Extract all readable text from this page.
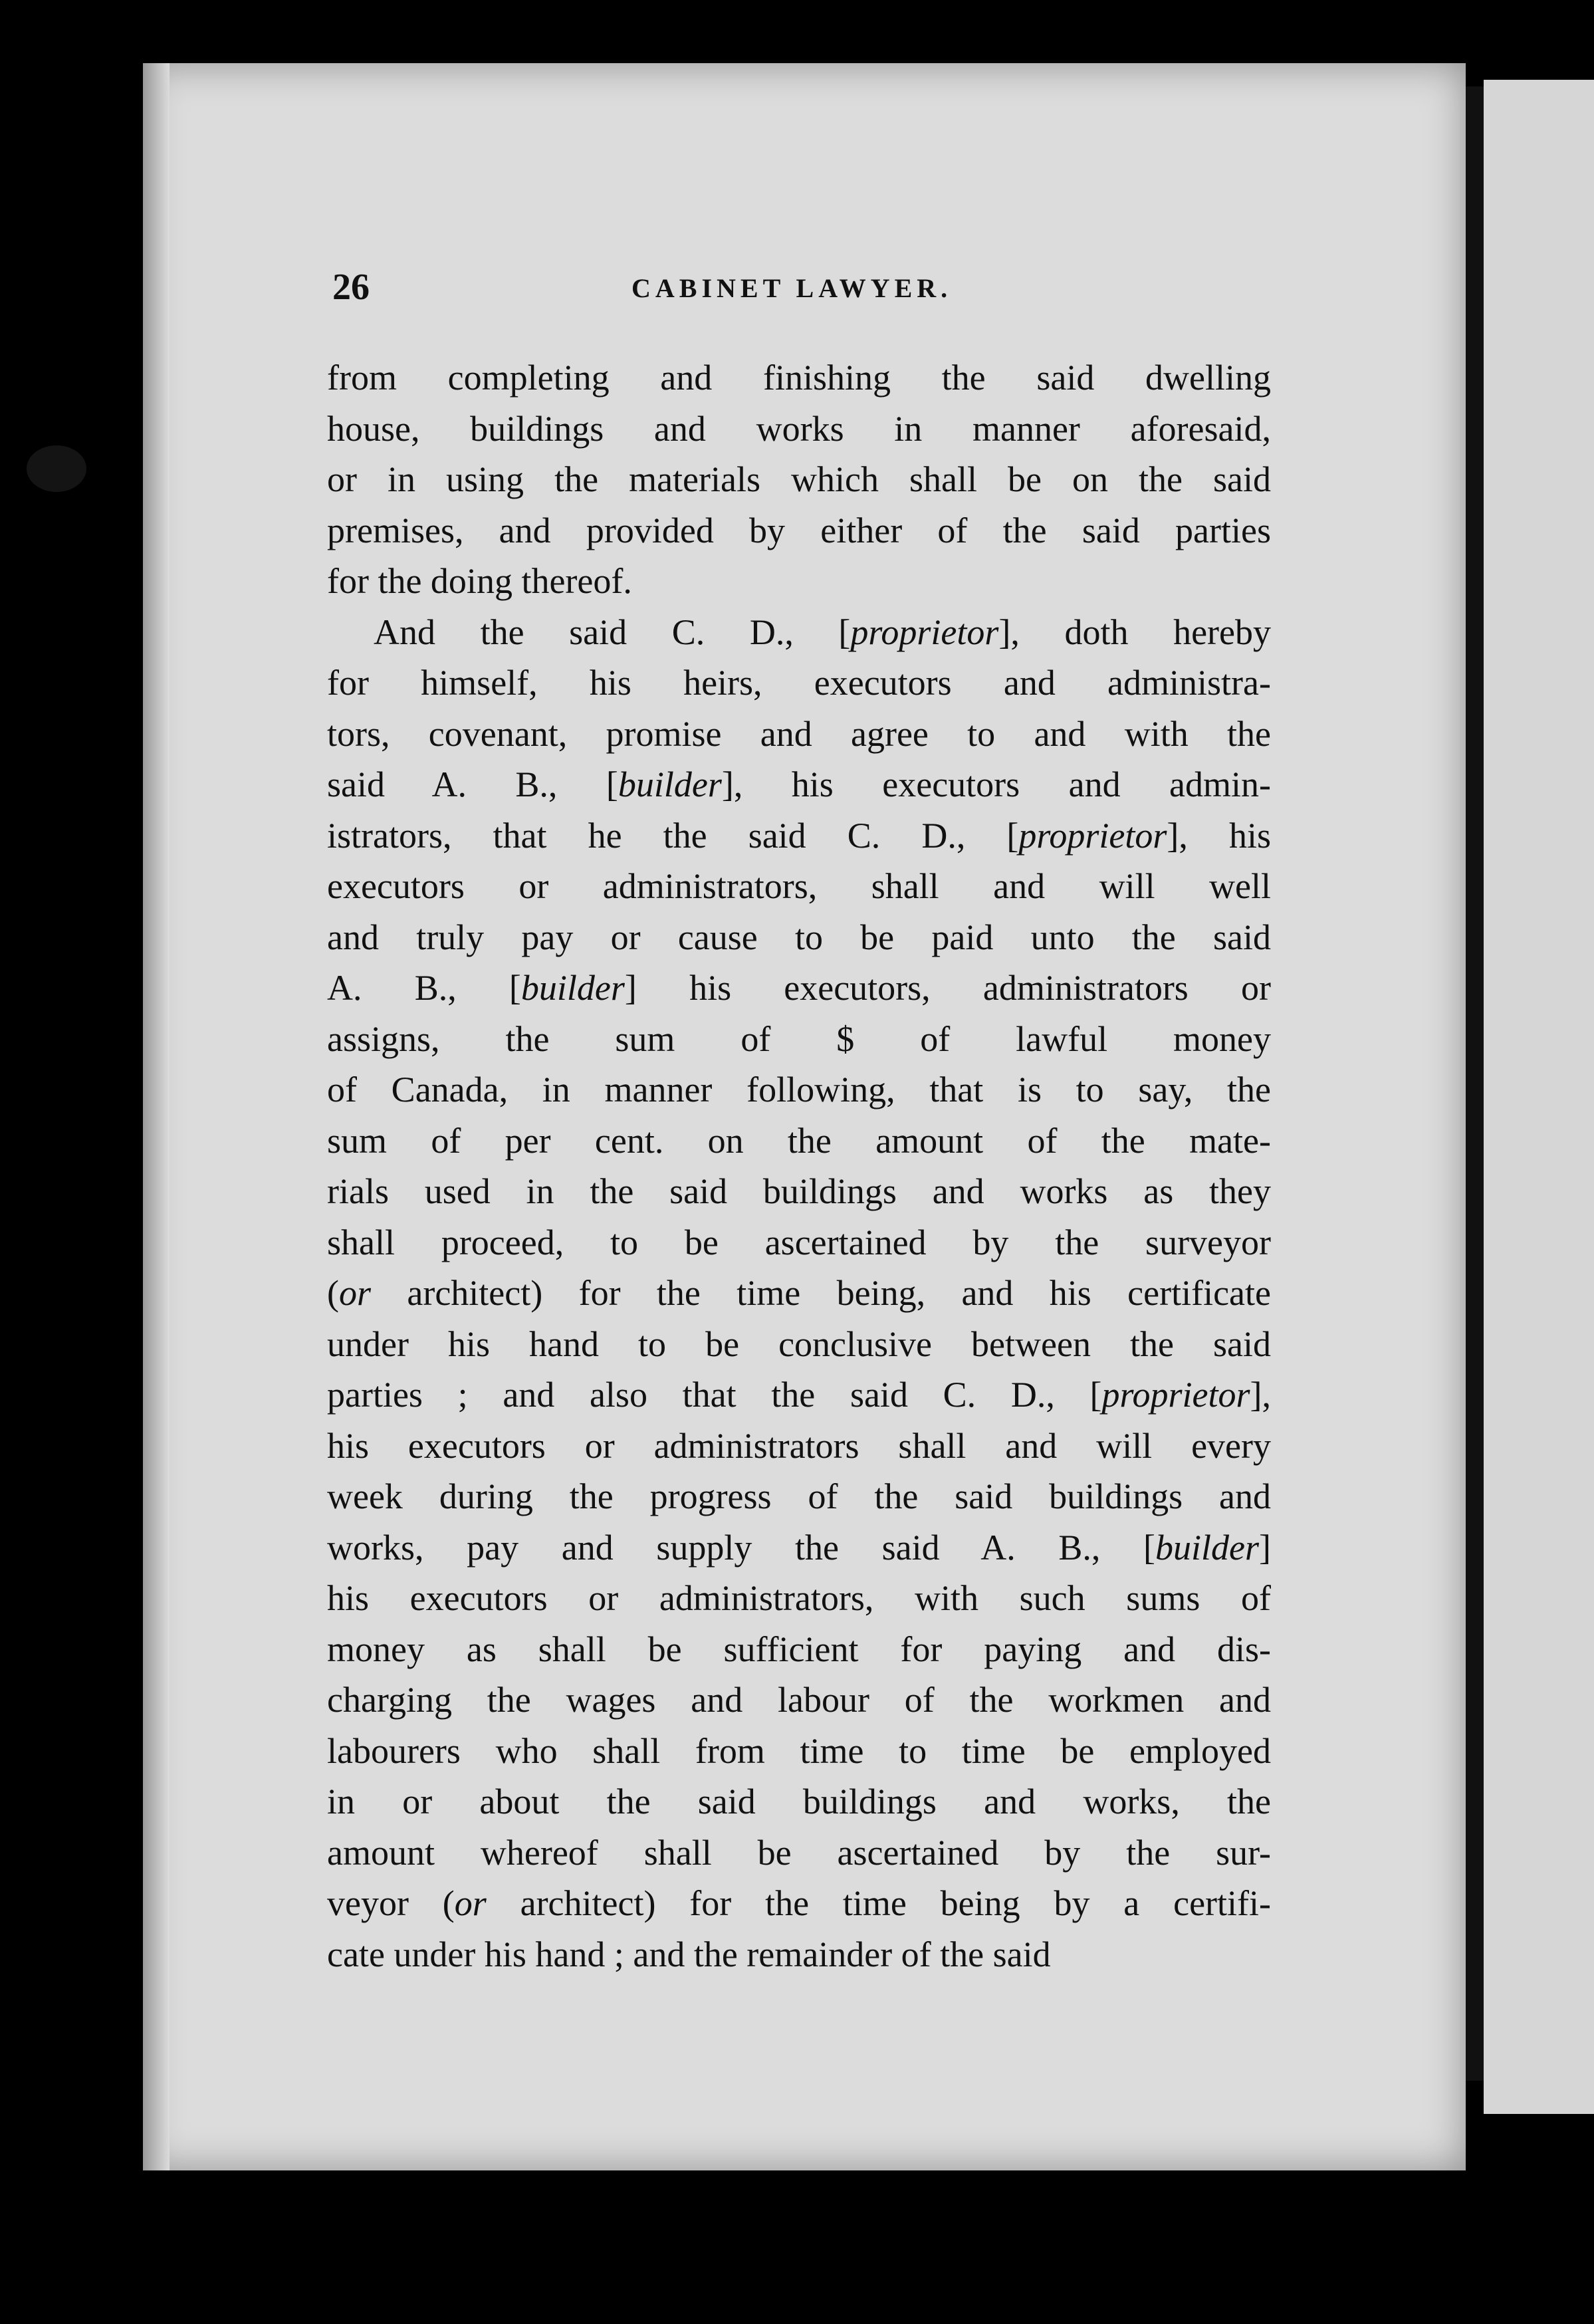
26	CABINET LAWYER.

from completing and finishing the said dwelling
house, buildings and works in manner aforesaid,
or in using the materials which shall be on the said
premises, and provided by either of the said parties
for the doing thereof.

And the said C. D., [proprietor], doth hereby
for himself, his heirs, executors and administra-
tors, covenant, promise and agree to and with the
said A. B., [builder], his executors and admin-
istrators, that he the said C. D., [proprietor], his
executors or administrators, shall and will well
and truly pay or cause to be paid unto the said
A. B., [builder] his executors, administrators or
assigns, the sum of $ of lawful money
of Canada, in manner following, that is to say, the
sum of per cent. on the amount of the mate-
rials used in the said buildings and works as they
shall proceed, to be ascertained by the surveyor
(or architect) for the time being, and his certificate
under his hand to be conclusive between the said
parties ; and also that the said C. D., [proprietor],
his executors or administrators shall and will every
week during the progress of the said buildings and
works, pay and supply the said A. B., [builder]
his executors or administrators, with such sums of
money as shall be sufficient for paying and dis-
charging the wages and labour of the workmen and
labourers who shall from time to time be employed
in or about the said buildings and works, the
amount whereof shall be ascertained by the sur-
veyor (or architect) for the time being by a certifi-
cate under his hand ; and the remainder of the said
